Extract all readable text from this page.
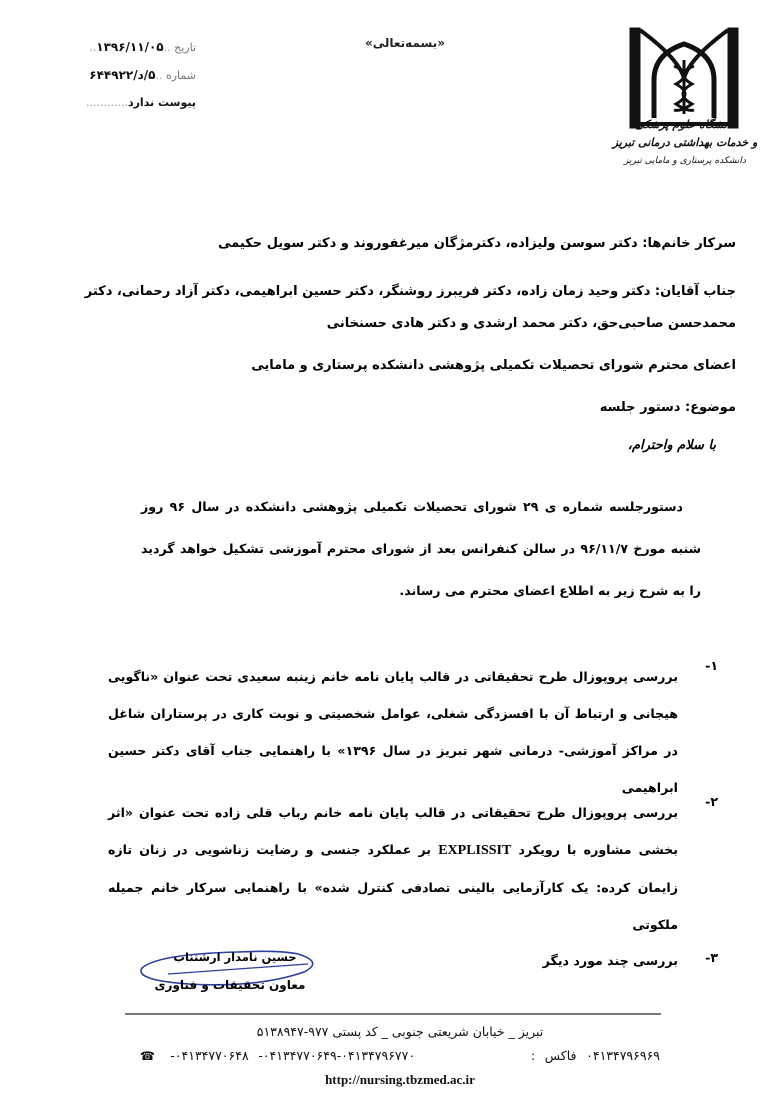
تاریخ ..۱۳۹۶/۱۱/۰۵..
شماره ..۵/د/۶۴۴۹۲۲
پیوست ندارد............
«بسمه‌تعالی»
دانشگاه علوم پزشکی
و خدمات بهداشتی درمانی تبریز
دانشکده پرستاری و مامایی تبریز
سرکار خانم‌ها: دکتر سوسن ولیزاده، دکترمژگان میرغفوروند و دکتر سویل حکیمی
جناب آقایان: دکتر وحید زمان زاده، دکتر فریبرز روشنگر، دکتر حسین ابراهیمی، دکتر آزاد رحمانی، دکتر
محمدحسن صاحبی‌حق، دکتر محمد ارشدی و دکتر هادی حسنخانی
اعضای محترم شورای تحصیلات تکمیلی پژوهشی دانشکده پرستاری و مامایی
موضوع: دستور جلسه
با سلام واحترام،
دستورجلسه شماره ی ۲۹ شورای تحصیلات تکمیلی پژوهشی دانشکده در سال ۹۶ روز شنبه مورخ ۹۶/۱۱/۷ در سالن کنفرانس بعد از شورای محترم آموزشی تشکیل خواهد گردید را به شرح زیر به اطلاع اعضای محترم می رساند.
۱-
بررسی پروپوزال طرح تحقیقاتی در قالب پایان نامه خانم زینبه سعیدی تحت عنوان «ناگویی هیجانی و ارتباط آن با افسزدگی شغلی، عوامل شخصیتی و نوبت کاری در پرستاران شاغل در مراکز آموزشی- درمانی شهر تبریز در سال ۱۳۹۶» با راهنمایی جناب آقای دکتر حسین ابراهیمی
۲-
بررسی پروپوزال طرح تحقیقاتی در قالب پایان نامه خانم رباب قلی زاده تحت عنوان «اثر بخشی مشاوره با رویکرد EXPLISSIT بر عملکرد جنسی و رضایت زناشویی در زنان تازه زایمان کرده: یک کارآزمایی بالینی تصادفی کنترل شده» با راهنمایی سرکار خانم جمیله ملکوتی
۳-
بررسی چند مورد دیگر
حسین نامدار ارشتناب
معاون تحقیقات و فناوری
تبریز _ خیابان شریعتی جنوبی _ کد پستی ۹۷۷-۵۱۳۸۹۴۷
۰۴۱۳۴۷۹۶۹۶۹ فاکس :            ۰۴۱۳۴۷۹۶۷۷۰-۰۴۱۳۴۷۷۰۶۴۹- ۰۴۱۳۴۷۷۰۶۴۸- ☎
http://nursing.tbzmed.ac.ir
